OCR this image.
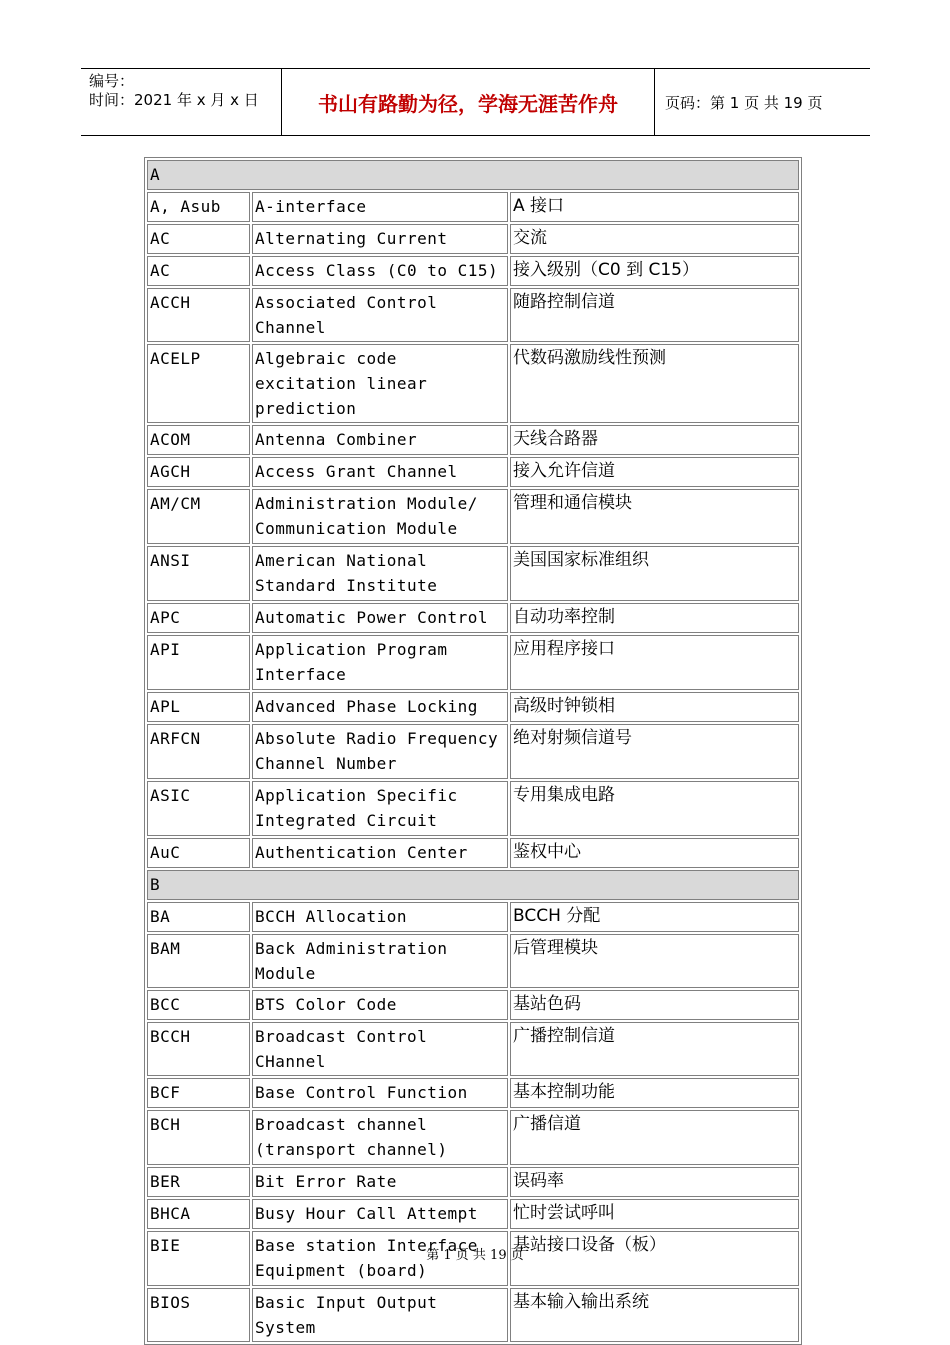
编号：
时间：2021 年 x 月 x 日	书山有路勤为径，学海无涯苦作舟	页码：第 1 页 共 19 页
A		
A, Asub	A-interface	A 接口
AC	Alternating Current	交流
AC	Access Class (C0 to C15)	接入级别（C0 到 C15）
ACCH	Associated Control Channel	随路控制信道
ACELP	Algebraic code excitation linear prediction	代数码激励线性预测
ACOM	Antenna Combiner	天线合路器
AGCH	Access Grant Channel	接入允许信道
AM/CM	Administration Module/ Communication Module	管理和通信模块
ANSI	American National Standard Institute	美国国家标准组织
APC	Automatic Power Control	自动功率控制
API	Application Program Interface	应用程序接口
APL	Advanced Phase Locking	高级时钟锁相
ARFCN	Absolute Radio Frequency Channel Number	绝对射频信道号
ASIC	Application Specific Integrated Circuit	专用集成电路
AuC	Authentication Center	鉴权中心
B		
BA	BCCH Allocation	BCCH 分配
BAM	Back Administration Module	后管理模块
BCC	BTS Color Code	基站色码
BCCH	Broadcast Control CHannel	广播控制信道
BCF	Base Control Function	基本控制功能
BCH	Broadcast channel (transport channel)	广播信道
BER	Bit Error Rate	误码率
BHCA	Busy Hour Call Attempt	忙时尝试呼叫
BIE	Base station Interface Equipment (board)	基站接口设备（板）
BIOS	Basic Input Output System	基本输入输出系统
第 1 页 共 19 页
